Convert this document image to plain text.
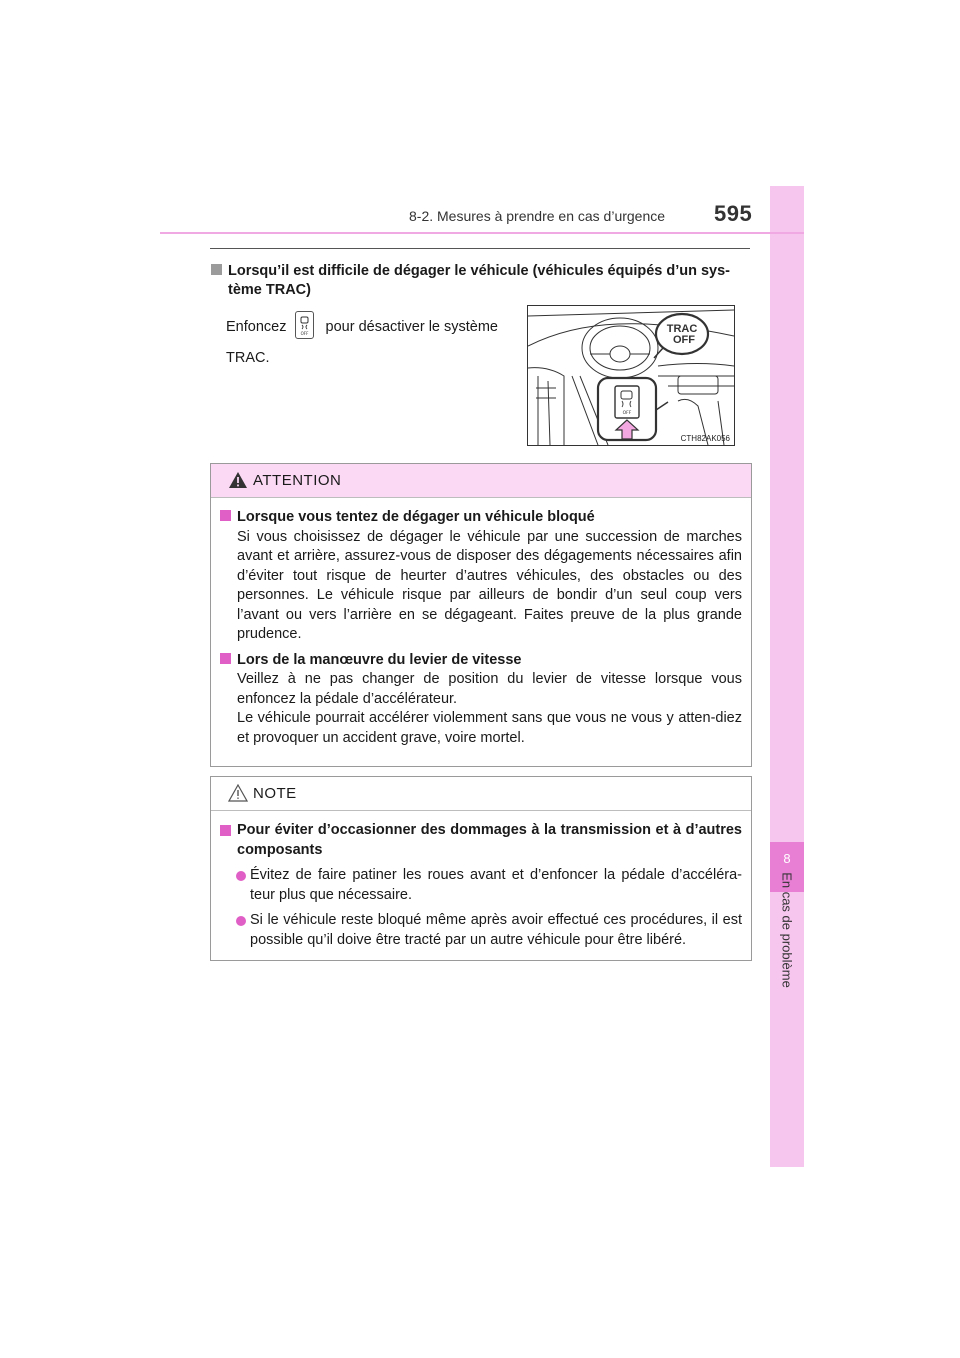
8
En cas de problème
8-2. Mesures à prendre en cas d’urgence 595
Lorsqu’il est difficile de dégager le véhicule (véhicules équipés d’un sys-
tème TRAC)
Enfoncez	OFF pour désactiver le système
TRAC.
TRAC
OFF
OFF
CTH82AK056
ATTENTION
Lorsque vous tentez de dégager un véhicule bloqué
Si vous choisissez de dégager le véhicule par une succession de marches avant et arrière, assurez-vous de disposer des dégagements nécessaires afin d’éviter tout risque de heurter d’autres véhicules, des obstacles ou des personnes. Le véhicule risque par ailleurs de bondir d’un seul coup vers l’avant ou vers l’arrière en se dégageant. Faites preuve de la plus grande prudence.
Lors de la manœuvre du levier de vitesse
Veillez à ne pas changer de position du levier de vitesse lorsque vous enfoncez la pédale d’accélérateur.
Le véhicule pourrait accélérer violemment sans que vous ne vous y atten-diez et provoquer un accident grave, voire mortel.
NOTE
Pour éviter d’occasionner des dommages à la transmission et à d’autres composants
Évitez de faire patiner les roues avant et d’enfoncer la pédale d’accéléra-teur plus que nécessaire.
Si le véhicule reste bloqué même après avoir effectué ces procédures, il est possible qu’il doive être tracté par un autre véhicule pour être libéré.
